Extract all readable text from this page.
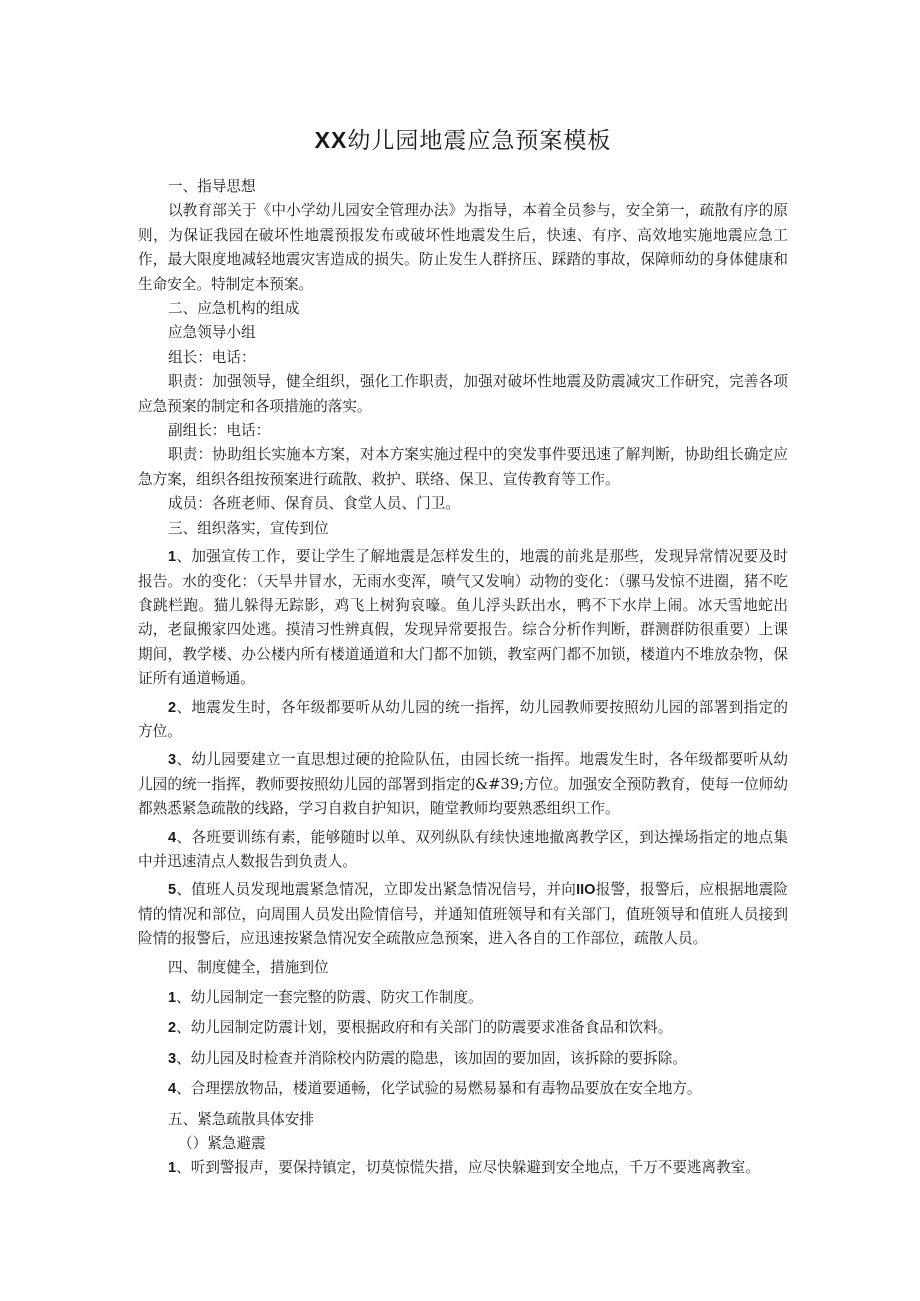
XX幼儿园地震应急预案模板

一、指导思想

以教育部关于《中小学幼儿园安全管理办法》为指导，本着全员参与，安全第一，疏散有序的原则，为保证我园在破坏性地震预报发布或破坏性地震发生后，快速、有序、高效地实施地震应急工作，最大限度地减轻地震灾害造成的损失。防止发生人群挤压、踩踏的事故，保障师幼的身体健康和生命安全。特制定本预案。

二、应急机构的组成

应急领导小组

组长：电话：

职责：加强领导，健全组织，强化工作职责，加强对破坏性地震及防震减灾工作研究，完善各项应急预案的制定和各项措施的落实。

副组长：电话：

职责：协助组长实施本方案，对本方案实施过程中的突发事件要迅速了解判断，协助组长确定应急方案，组织各组按预案进行疏散、救护、联络、保卫、宣传教育等工作。

成员：各班老师、保育员、食堂人员、门卫。

三、组织落实，宣传到位

1、加强宣传工作，要让学生了解地震是怎样发生的，地震的前兆是那些，发现异常情况要及时报告。水的变化：（天旱井冒水，无雨水变浑，喷气又发响）动物的变化：（骡马发惊不进圈，猪不吃食跳栏跑。猫儿躲得无踪影，鸡飞上树狗哀嚎。鱼儿浮头跃出水，鸭不下水岸上闹。冰天雪地蛇出动，老鼠搬家四处逃。摸清习性辨真假，发现异常要报告。综合分析作判断，群测群防很重要）上课期间，教学楼、办公楼内所有楼道通道和大门都不加锁，教室两门都不加锁，楼道内不堆放杂物，保证所有通道畅通。

2、地震发生时，各年级都要听从幼儿园的统一指挥，幼儿园教师要按照幼儿园的部署到指定的方位。

3、幼儿园要建立一直思想过硬的抢险队伍，由园长统一指挥。地震发生时，各年级都要听从幼儿园的统一指挥，教师要按照幼儿园的部署到指定的&#39;方位。加强安全预防教育，使每一位师幼都熟悉紧急疏散的线路，学习自救自护知识，随堂教师均要熟悉组织工作。

4、各班要训练有素，能够随时以单、双列纵队有续快速地撤离教学区，到达操场指定的地点集中并迅速清点人数报告到负责人。

5、值班人员发现地震紧急情况，立即发出紧急情况信号，并向IIO报警，报警后，应根据地震险情的情况和部位，向周围人员发出险情信号，并通知值班领导和有关部门，值班领导和值班人员接到险情的报警后，应迅速按紧急情况安全疏散应急预案，进入各自的工作部位，疏散人员。

四、制度健全，措施到位

1、幼儿园制定一套完整的防震、防灾工作制度。

2、幼儿园制定防震计划，要根据政府和有关部门的防震要求准备食品和饮料。

3、幼儿园及时检查并消除校内防震的隐患，该加固的要加固，该拆除的要拆除。

4、合理摆放物品，楼道要通畅，化学试验的易燃易暴和有毒物品要放在安全地方。

五、紧急疏散具体安排

（）紧急避震

1、听到警报声，要保持镇定，切莫惊慌失措，应尽快躲避到安全地点，千万不要逃离教室。
